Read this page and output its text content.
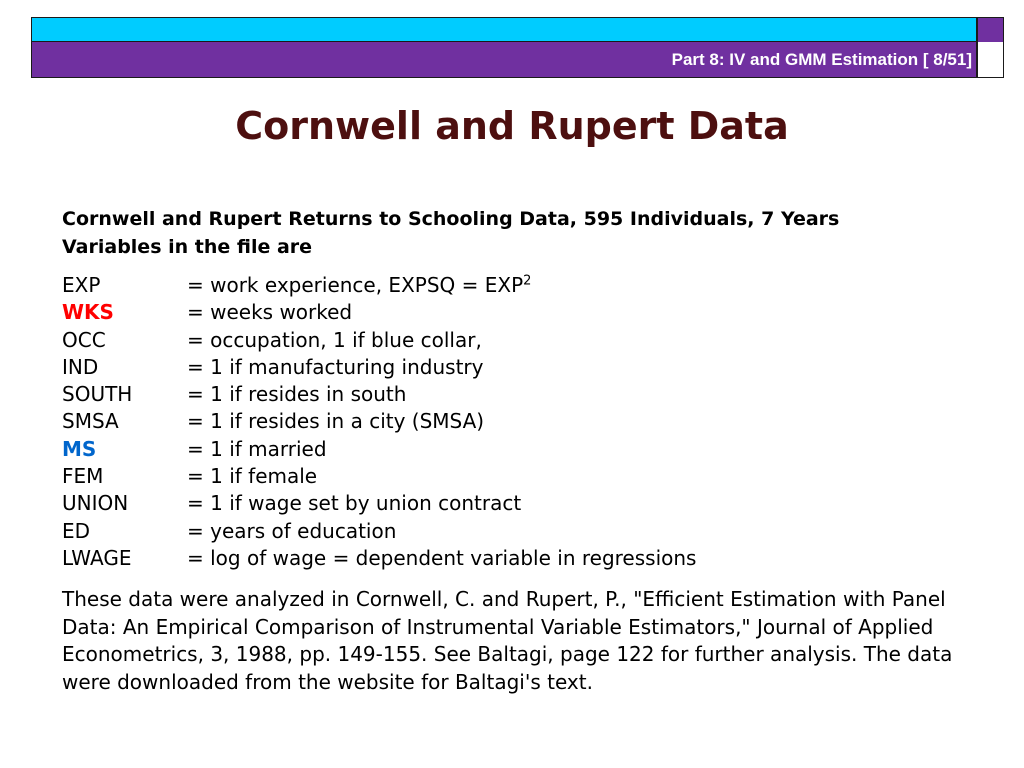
Part 8: IV and GMM Estimation [ 8/51]
Cornwell and Rupert Data
Cornwell and Rupert Returns to Schooling Data, 595 Individuals, 7 Years
Variables in the file are
EXP	= work experience, EXPSQ = $EXP^2$
WKS	= weeks worked
OCC	= occupation, 1 if blue collar,
IND	= 1 if manufacturing industry
SOUTH	= 1 if resides in south
SMSA	= 1 if resides in a city (SMSA)
MS	= 1 if married
FEM	= 1 if female
UNION	= 1 if wage set by union contract
ED	= years of education
LWAGE	= log of wage = dependent variable in regressions
These data were analyzed in Cornwell, C. and Rupert, P., "Efficient Estimation with Panel Data: An Empirical Comparison of Instrumental Variable Estimators," Journal of Applied Econometrics, 3, 1988, pp. 149-155. See Baltagi, page 122 for further analysis. The data were downloaded from the website for Baltagi's text.
